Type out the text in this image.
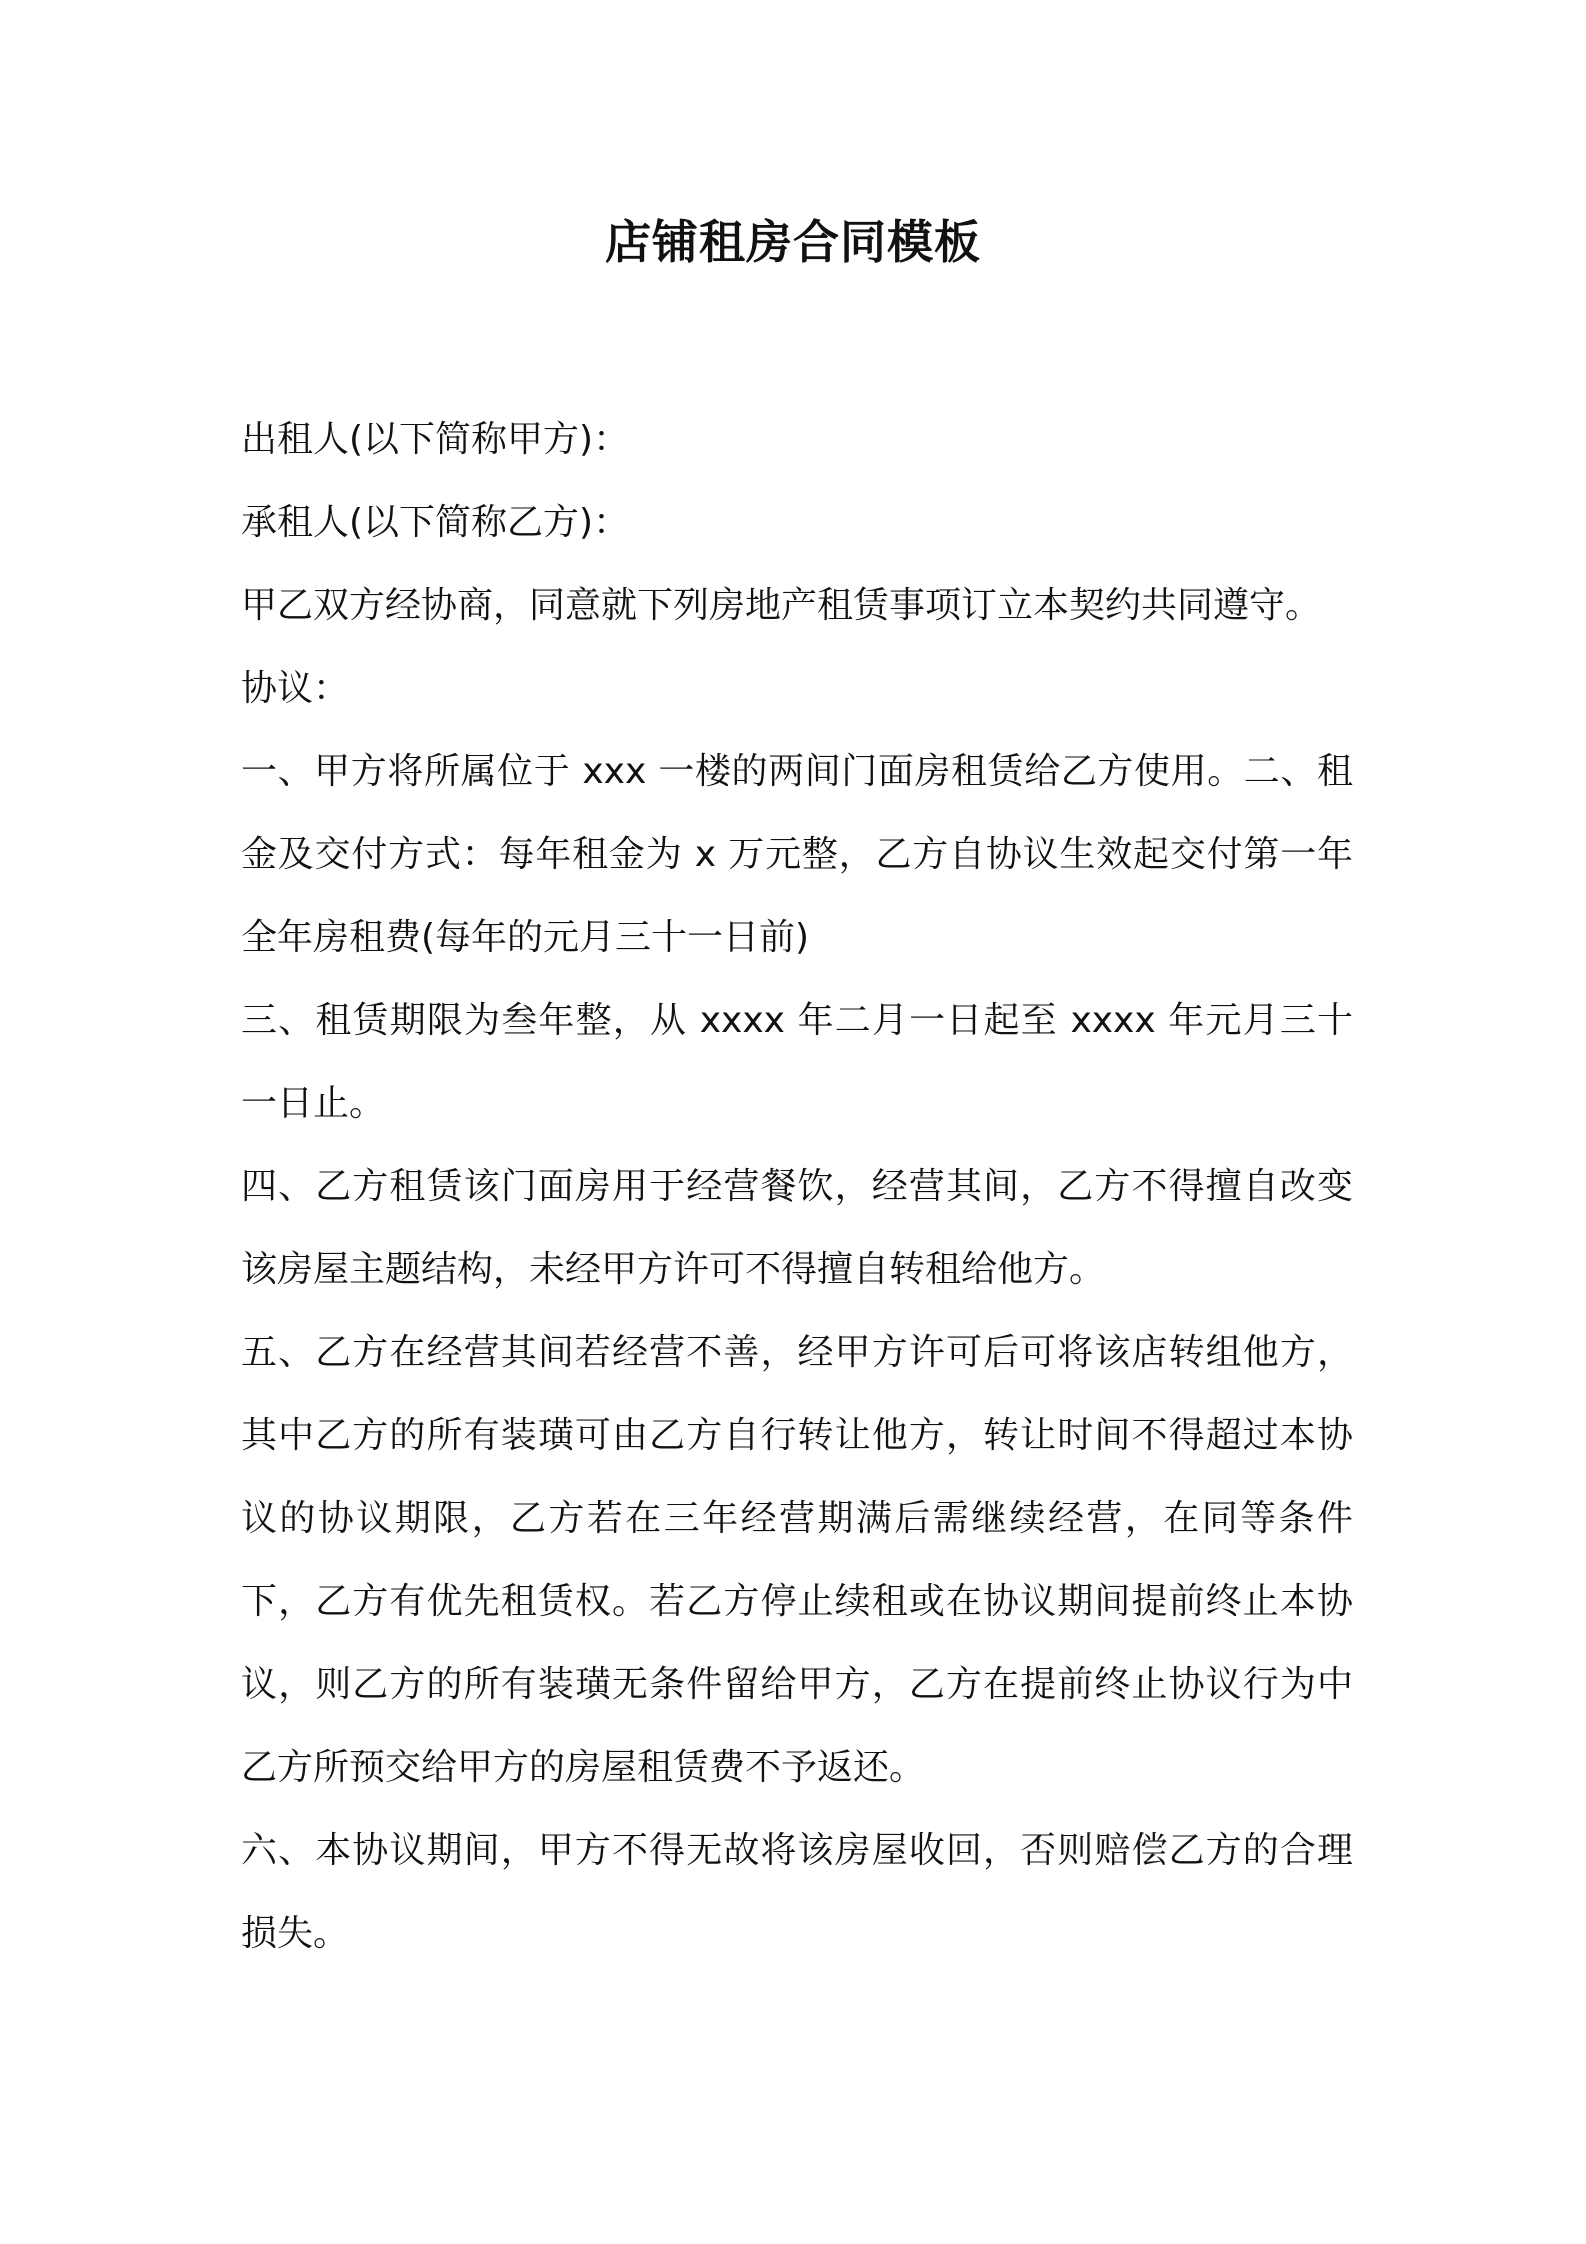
店铺租房合同模板

出租人(以下简称甲方)：

承租人(以下简称乙方)：

甲乙双方经协商，同意就下列房地产租赁事项订立本契约共同遵守。

协议：

一、甲方将所属位于 xxx 一楼的两间门面房租赁给乙方使用。二、租金及交付方式：每年租金为 x 万元整，乙方自协议生效起交付第一年全年房租费(每年的元月三十一日前)

三、租赁期限为叁年整，从 xxxx 年二月一日起至 xxxx 年元月三十一日止。

四、乙方租赁该门面房用于经营餐饮，经营其间，乙方不得擅自改变该房屋主题结构，未经甲方许可不得擅自转租给他方。

五、乙方在经营其间若经营不善，经甲方许可后可将该店转组他方，其中乙方的所有装璜可由乙方自行转让他方，转让时间不得超过本协议的协议期限，乙方若在三年经营期满后需继续经营，在同等条件下，乙方有优先租赁权。若乙方停止续租或在协议期间提前终止本协议，则乙方的所有装璜无条件留给甲方，乙方在提前终止协议行为中乙方所预交给甲方的房屋租赁费不予返还。

六、本协议期间，甲方不得无故将该房屋收回，否则赔偿乙方的合理损失。
